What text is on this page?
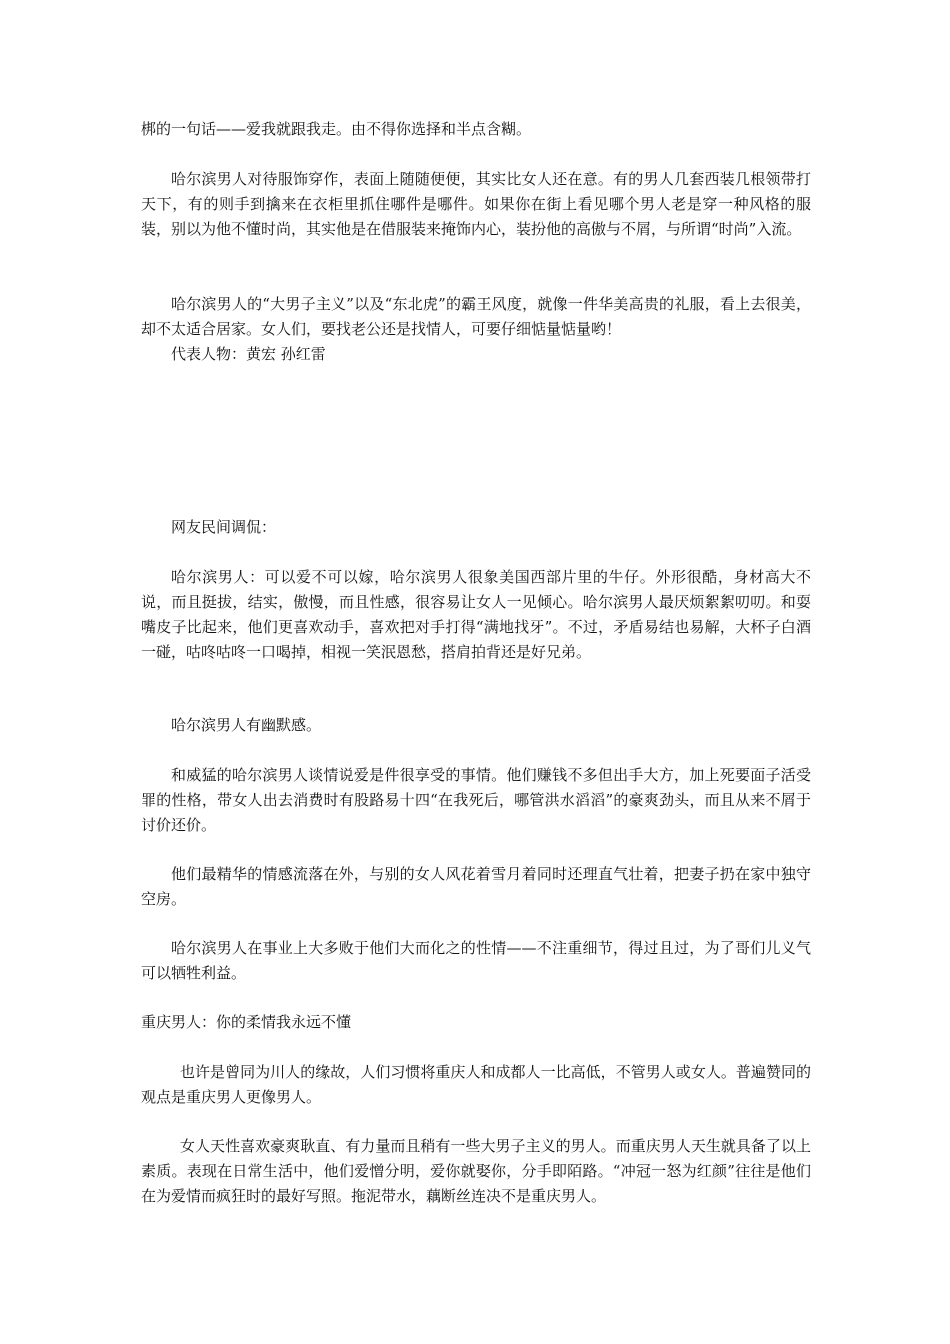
梆的一句话——爱我就跟我走。由不得你选择和半点含糊。

哈尔滨男人对待服饰穿作，表面上随随便便，其实比女人还在意。有的男人几套西装几根领带打天下，有的则手到擒来在衣柜里抓住哪件是哪件。如果你在街上看见哪个男人老是穿一种风格的服装，别以为他不懂时尚，其实他是在借服装来掩饰内心，装扮他的高傲与不屑，与所谓“时尚”入流。

哈尔滨男人的“大男子主义”以及“东北虎”的霸王风度，就像一件华美高贵的礼服，看上去很美，却不太适合居家。女人们，要找老公还是找情人，可要仔细惦量惦量哟！

代表人物：黄宏 孙红雷

网友民间调侃：

哈尔滨男人：可以爱不可以嫁，哈尔滨男人很象美国西部片里的牛仔。外形很酷，身材高大不说，而且挺拔，结实，傲慢，而且性感，很容易让女人一见倾心。哈尔滨男人最厌烦絮絮叨叨。和耍嘴皮子比起来，他们更喜欢动手，喜欢把对手打得“满地找牙”。不过，矛盾易结也易解，大杯子白酒一碰，咕咚咕咚一口喝掉，相视一笑泯恩愁，搭肩拍背还是好兄弟。

哈尔滨男人有幽默感。

和威猛的哈尔滨男人谈情说爱是件很享受的事情。他们赚钱不多但出手大方，加上死要面子活受罪的性格，带女人出去消费时有股路易十四“在我死后，哪管洪水滔滔”的豪爽劲头，而且从来不屑于讨价还价。

他们最精华的情感流落在外，与别的女人风花着雪月着同时还理直气壮着，把妻子扔在家中独守空房。

哈尔滨男人在事业上大多败于他们大而化之的性情——不注重细节，得过且过，为了哥们儿义气可以牺牲利益。

重庆男人：你的柔情我永远不懂

也许是曾同为川人的缘故，人们习惯将重庆人和成都人一比高低，不管男人或女人。普遍赞同的观点是重庆男人更像男人。

女人天性喜欢豪爽耿直、有力量而且稍有一些大男子主义的男人。而重庆男人天生就具备了以上素质。表现在日常生活中，他们爱憎分明，爱你就娶你，分手即陌路。“冲冠一怒为红颜”往往是他们在为爱情而疯狂时的最好写照。拖泥带水，藕断丝连决不是重庆男人。
